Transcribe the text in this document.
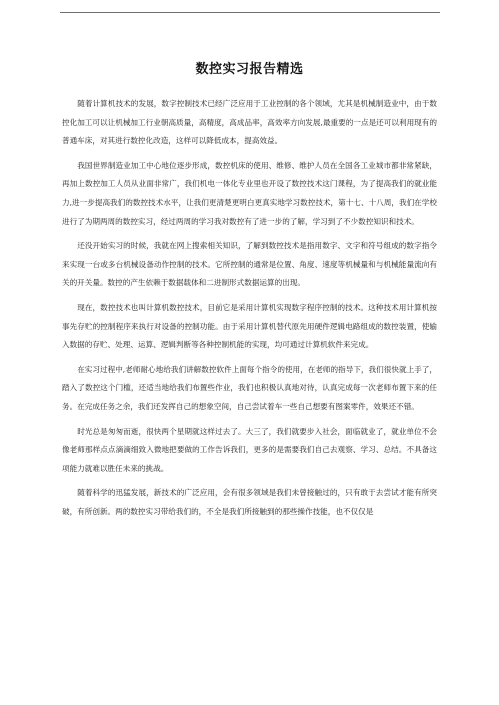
数控实习报告精选

随着计算机技术的发展，数字控制技术已经广泛应用于工业控制的各个领域，尤其是机械制造业中，由于数控化加工可以让机械加工行业朝高质量，高精度，高成品率，高效率方向发展,最重要的一点是还可以利用现有的普通车床，对其进行数控化改造，这样可以降低成本，提高效益。

我国世界制造业加工中心地位逐步形成，数控机床的使用、维修、维护人员在全国各工业城市都非常紧缺，再加上数控加工人员从业面非常广，我们机电一体化专业里也开设了数控技术这门课程，为了提高我们的就业能力,进一步提高我们的数控技术水平，让我们更清楚更明白更真实地学习数控技术，第十七、十八周，我们在学校进行了为期两周的数控实习，经过两周的学习我对数控有了进一步的了解，学习到了不少数控知识和技术。

还没开始实习的时候，我就在网上搜索相关知识，了解到数控技术是指用数字、文字和符号组成的数字指令来实现一台或多台机械设备动作控制的技术。它所控制的通常是位置、角度、速度等机械量和与机械能量流向有关的开关量。数控的产生依赖于数据载体和二进制形式数据运算的出现。

现在，数控技术也叫计算机数控技术，目前它是采用计算机实现数字程序控制的技术。这种技术用计算机按事先存贮的控制程序来执行对设备的控制功能。由于采用计算机替代原先用硬件逻辑电路组成的数控装置，使输入数据的存贮、处理、运算、逻辑判断等各种控制机能的实现，均可通过计算机软件来完成。

在实习过程中,老师耐心地给我们讲解数控软件上面每个指令的使用，在老师的指导下，我们很快就上手了，踏入了数控这个门槛，还适当地给我们布置些作业，我们也积极认真地对待，认真完成每一次老师布置下来的任务。在完成任务之余，我们还发挥自己的想象空间，自己尝试着车一些自己想要有图案零件，效果还不错。

时光总是匆匆而逝，很快两个星期就这样过去了。大三了，我们就要步入社会，面临就业了，就业单位不会像老师那样点点滴滴细致入微地把要做的工作告诉我们，更多的是需要我们自己去观察、学习、总结。不具备这项能力就难以胜任未来的挑战。

随着科学的迅猛发展，新技术的广泛应用，会有很多领域是我们未曾接触过的，只有敢于去尝试才能有所突破，有所创新。两的数控实习带给我们的，不全是我们所接触到的那些操作技能，也不仅仅是
